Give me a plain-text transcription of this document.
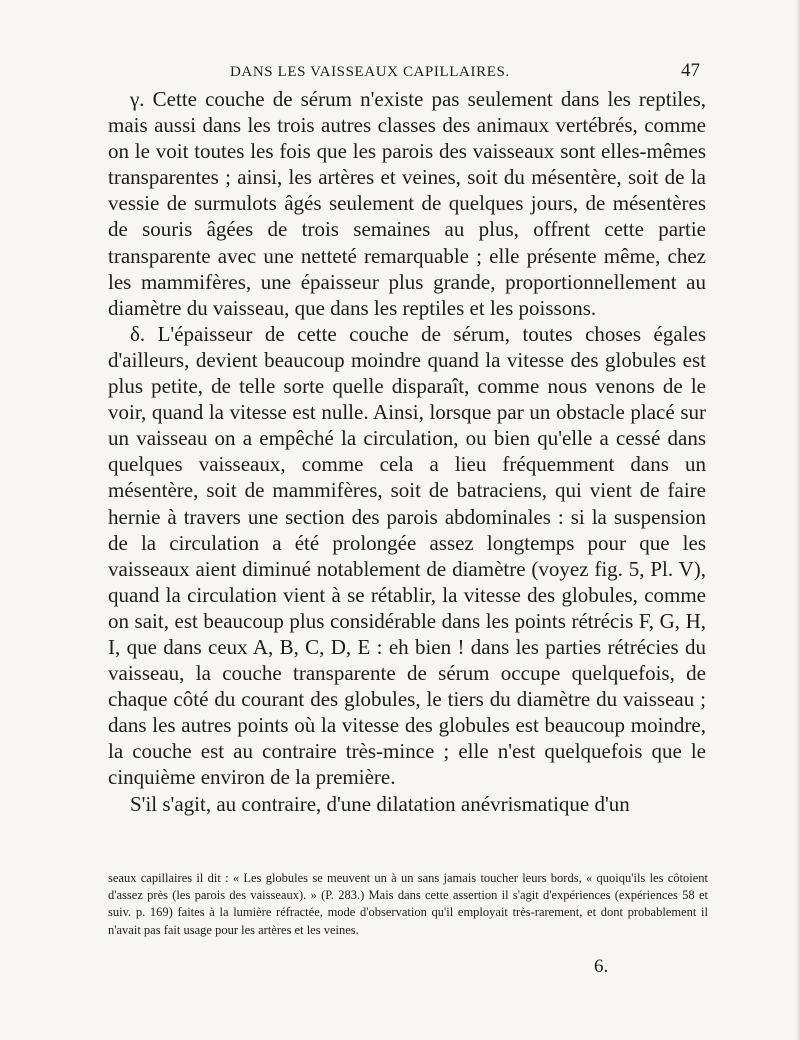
DANS LES VAISSEAUX CAPILLAIRES.	47

γ. Cette couche de sérum n'existe pas seulement dans les reptiles, mais aussi dans les trois autres classes des animaux vertébrés, comme on le voit toutes les fois que les parois des vaisseaux sont elles-mêmes transparentes ; ainsi, les artères et veines, soit du mésentère, soit de la vessie de surmulots âgés seulement de quelques jours, de mésentères de souris âgées de trois semaines au plus, offrent cette partie transparente avec une netteté remarquable ; elle présente même, chez les mammifères, une épaisseur plus grande, proportionnellement au diamètre du vaisseau, que dans les reptiles et les poissons.

δ. L'épaisseur de cette couche de sérum, toutes choses égales d'ailleurs, devient beaucoup moindre quand la vitesse des globules est plus petite, de telle sorte quelle disparaît, comme nous venons de le voir, quand la vitesse est nulle. Ainsi, lorsque par un obstacle placé sur un vaisseau on a empêché la circulation, ou bien qu'elle a cessé dans quelques vaisseaux, comme cela a lieu fréquemment dans un mésentère, soit de mammifères, soit de batraciens, qui vient de faire hernie à travers une section des parois abdominales : si la suspension de la circulation a été prolongée assez longtemps pour que les vaisseaux aient diminué notablement de diamètre (voyez fig. 5, Pl. V), quand la circulation vient à se rétablir, la vitesse des globules, comme on sait, est beaucoup plus considérable dans les points rétrécis F, G, H, I, que dans ceux A, B, C, D, E : eh bien ! dans les parties rétrécies du vaisseau, la couche transparente de sérum occupe quelquefois, de chaque côté du courant des globules, le tiers du diamètre du vaisseau ; dans les autres points où la vitesse des globules est beaucoup moindre, la couche est au contraire très-mince ; elle n'est quelquefois que le cinquième environ de la première.

S'il s'agit, au contraire, d'une dilatation anévrismatique d'un

seaux capillaires il dit : « Les globules se meuvent un à un sans jamais toucher leurs bords, « quoiqu'ils les côtoient d'assez près (les parois des vaisseaux). » (P. 283.) Mais dans cette assertion il s'agit d'expériences (expériences 58 et suiv. p. 169) faites à la lumière réfractée, mode d'observation qu'il employait très-rarement, et dont probablement il n'avait pas fait usage pour les artères et les veines.

6.
